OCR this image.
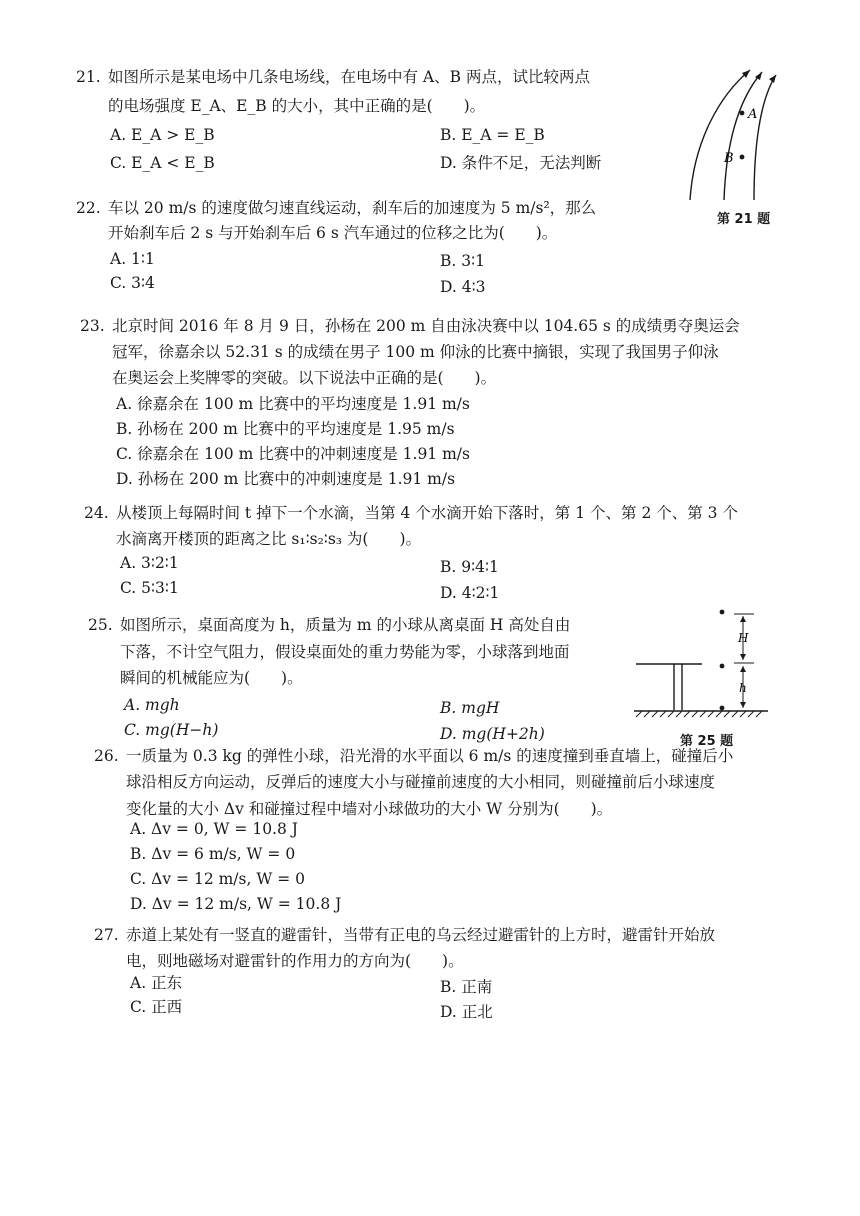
21. 如图所示是某电场中几条电场线，在电场中有 A、B 两点，试比较两点
的电场强度 E_A、E_B 的大小，其中正确的是(　　)。
A. E_A > E_B	B. E_A = E_B
C. E_A < E_B	D. 条件不足，无法判断
A
B
第 21 题
22. 车以 20 m/s 的速度做匀速直线运动，刹车后的加速度为 5 m/s²，那么
开始刹车后 2 s 与开始刹车后 6 s 汽车通过的位移之比为(　　)。
A. 1∶1	B. 3∶1
C. 3∶4	D. 4∶3
23. 北京时间 2016 年 8 月 9 日，孙杨在 200 m 自由泳决赛中以 104.65 s 的成绩勇夺奥运会
冠军，徐嘉余以 52.31 s 的成绩在男子 100 m 仰泳的比赛中摘银，实现了我国男子仰泳
在奥运会上奖牌零的突破。以下说法中正确的是(　　)。
A. 徐嘉余在 100 m 比赛中的平均速度是 1.91 m/s
B. 孙杨在 200 m 比赛中的平均速度是 1.95 m/s
C. 徐嘉余在 100 m 比赛中的冲刺速度是 1.91 m/s
D. 孙杨在 200 m 比赛中的冲刺速度是 1.91 m/s
24. 从楼顶上每隔时间 t 掉下一个水滴，当第 4 个水滴开始下落时，第 1 个、第 2 个、第 3 个
水滴离开楼顶的距离之比 s₁∶s₂∶s₃ 为(　　)。
A. 3∶2∶1	B. 9∶4∶1
C. 5∶3∶1	D. 4∶2∶1
25. 如图所示，桌面高度为 h，质量为 m 的小球从离桌面 H 高处自由
下落，不计空气阻力，假设桌面处的重力势能为零，小球落到地面
瞬间的机械能应为(　　)。
A. mgh	B. mgH
C. mg(H−h)	D. mg(H+2h)
H
h
第 25 题
26. 一质量为 0.3 kg 的弹性小球，沿光滑的水平面以 6 m/s 的速度撞到垂直墙上，碰撞后小
球沿相反方向运动，反弹后的速度大小与碰撞前速度的大小相同，则碰撞前后小球速度
变化量的大小 Δv 和碰撞过程中墙对小球做功的大小 W 分别为(　　)。
A. Δv = 0, W = 10.8 J
B. Δv = 6 m/s, W = 0
C. Δv = 12 m/s, W = 0
D. Δv = 12 m/s, W = 10.8 J
27. 赤道上某处有一竖直的避雷针，当带有正电的乌云经过避雷针的上方时，避雷针开始放
电，则地磁场对避雷针的作用力的方向为(　　)。
A. 正东	B. 正南
C. 正西	D. 正北
